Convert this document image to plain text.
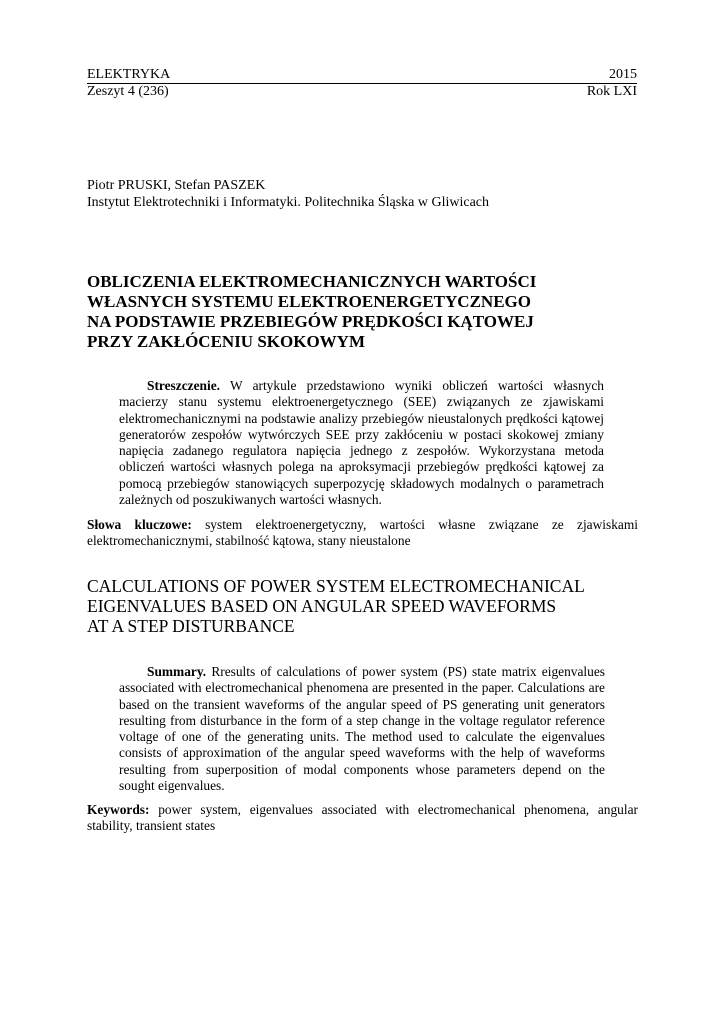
ELEKTRYKA	2015
Zeszyt 4 (236)	Rok LXI
Piotr PRUSKI, Stefan PASZEK
Instytut Elektrotechniki i Informatyki. Politechnika Śląska w Gliwicach
OBLICZENIA ELEKTROMECHANICZNYCH WARTOŚCI
WŁASNYCH SYSTEMU ELEKTROENERGETYCZNEGO
NA PODSTAWIE PRZEBIEGÓW PRĘDKOŚCI KĄTOWEJ
PRZY ZAKŁÓCENIU SKOKOWYM
Streszczenie. W artykule przedstawiono wyniki obliczeń wartości własnych macierzy stanu systemu elektroenergetycznego (SEE) związanych ze zjawiskami elektromechanicznymi na podstawie analizy przebiegów nieustalonych prędkości kątowej generatorów zespołów wytwórczych SEE przy zakłóceniu w postaci skokowej zmiany napięcia zadanego regulatora napięcia jednego z zespołów. Wykorzystana metoda obliczeń wartości własnych polega na aproksymacji przebiegów prędkości kątowej za pomocą przebiegów stanowiących superpozycję składowych modalnych o parametrach zależnych od poszukiwanych wartości własnych.
Słowa kluczowe: system elektroenergetyczny, wartości własne związane ze zjawiskami elektromechanicznymi, stabilność kątowa, stany nieustalone
CALCULATIONS OF POWER SYSTEM ELECTROMECHANICAL
EIGENVALUES BASED ON ANGULAR SPEED WAVEFORMS
AT A STEP DISTURBANCE
Summary. Rresults of calculations of power system (PS) state matrix eigenvalues associated with electromechanical phenomena are presented in the paper. Calculations are based on the transient waveforms of the angular speed of PS generating unit generators resulting from disturbance in the form of a step change in the voltage regulator reference voltage of one of the generating units. The method used to calculate the eigenvalues consists of approximation of the angular speed waveforms with the help of waveforms resulting from superposition of modal components whose parameters depend on the sought eigenvalues.
Keywords: power system, eigenvalues associated with electromechanical phenomena, angular stability, transient states
